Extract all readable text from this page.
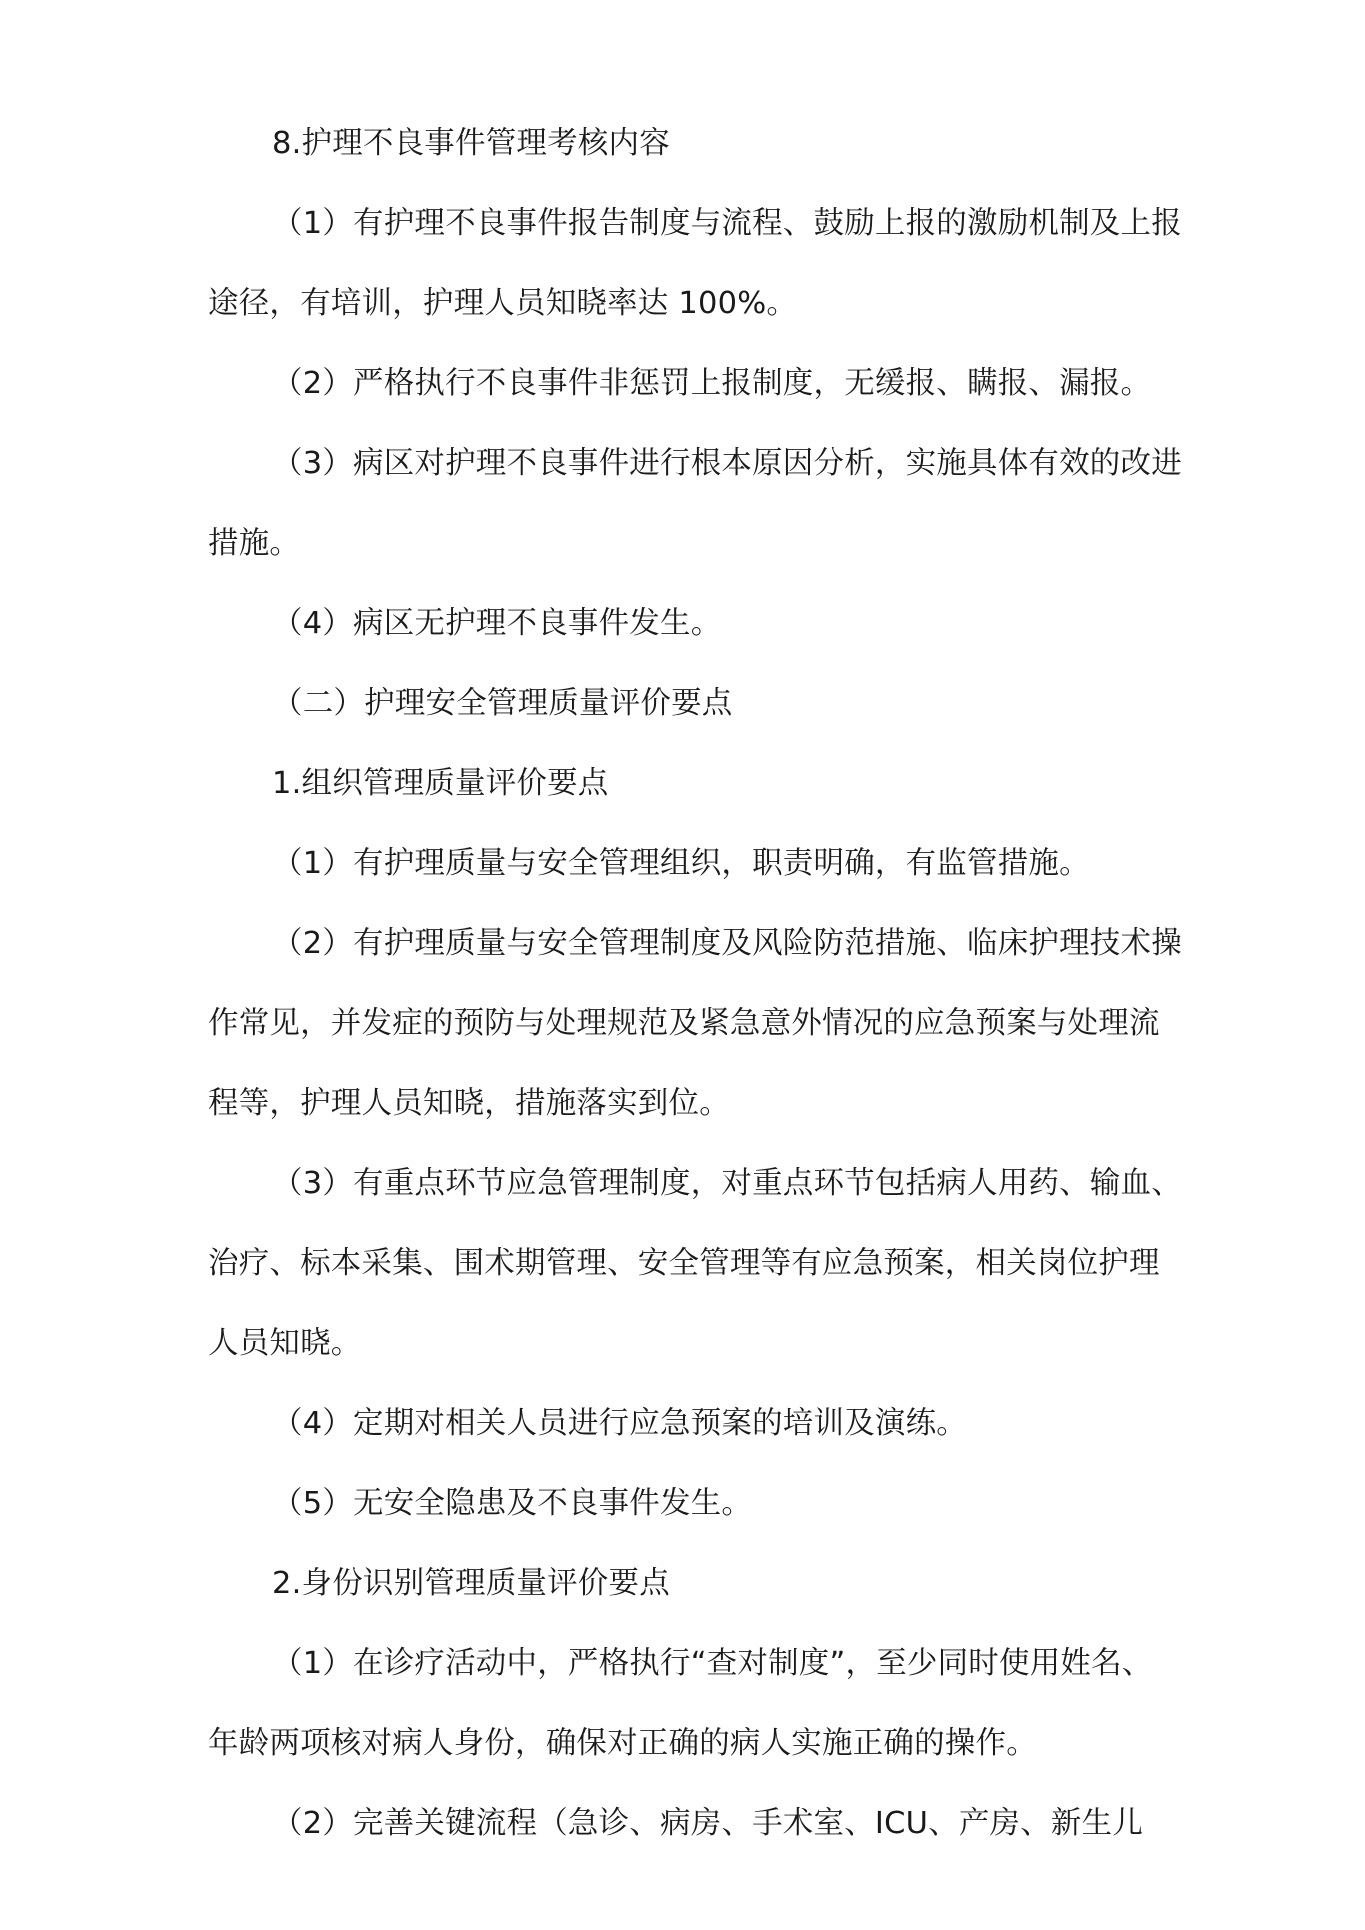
8.护理不良事件管理考核内容

（1）有护理不良事件报告制度与流程、鼓励上报的激励机制及上报途径，有培训，护理人员知晓率达 100%。

（2）严格执行不良事件非惩罚上报制度，无缓报、瞒报、漏报。

（3）病区对护理不良事件进行根本原因分析，实施具体有效的改进措施。

（4）病区无护理不良事件发生。

（二）护理安全管理质量评价要点

1.组织管理质量评价要点

（1）有护理质量与安全管理组织，职责明确，有监管措施。

（2）有护理质量与安全管理制度及风险防范措施、临床护理技术操作常见，并发症的预防与处理规范及紧急意外情况的应急预案与处理流程等，护理人员知晓，措施落实到位。

（3）有重点环节应急管理制度，对重点环节包括病人用药、输血、治疗、标本采集、围术期管理、安全管理等有应急预案，相关岗位护理人员知晓。

（4）定期对相关人员进行应急预案的培训及演练。

（5）无安全隐患及不良事件发生。

2.身份识别管理质量评价要点

（1）在诊疗活动中，严格执行“查对制度”，至少同时使用姓名、年龄两项核对病人身份，确保对正确的病人实施正确的操作。

（2）完善关键流程（急诊、病房、手术室、ICU、产房、新生儿
